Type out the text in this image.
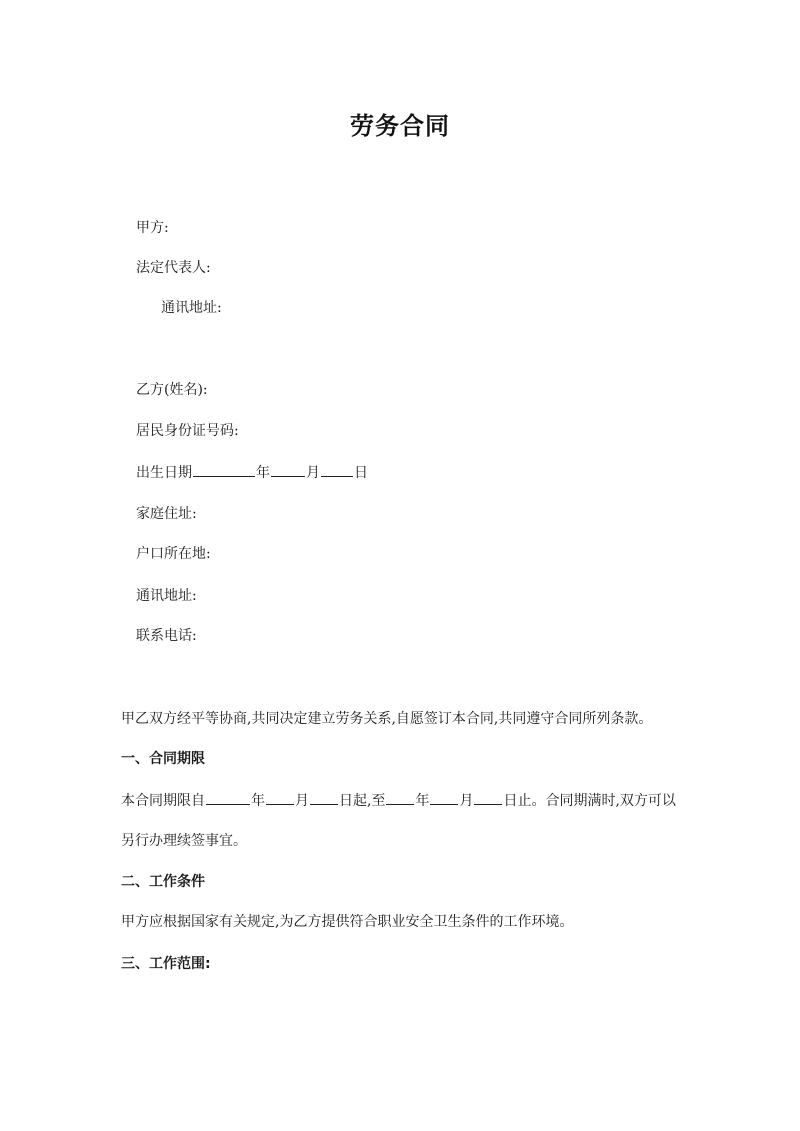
劳务合同
甲方:
法定代表人:
通讯地址:
乙方(姓名):
居民身份证号码:
出生日期	年	月 日
家庭住址:
户口所在地:
通讯地址:
联系电话:
甲乙双方经平等协商,共同决定建立劳务关系,自愿签订本合同,共同遵守合同所列条款。
一、合同期限
本合同期限自	年 月 日起,至 年 月 日止。合同期满时,双方可以
另行办理续签事宜。
二、工作条件
甲方应根据国家有关规定,为乙方提供符合职业安全卫生条件的工作环境。
三、工作范围:
